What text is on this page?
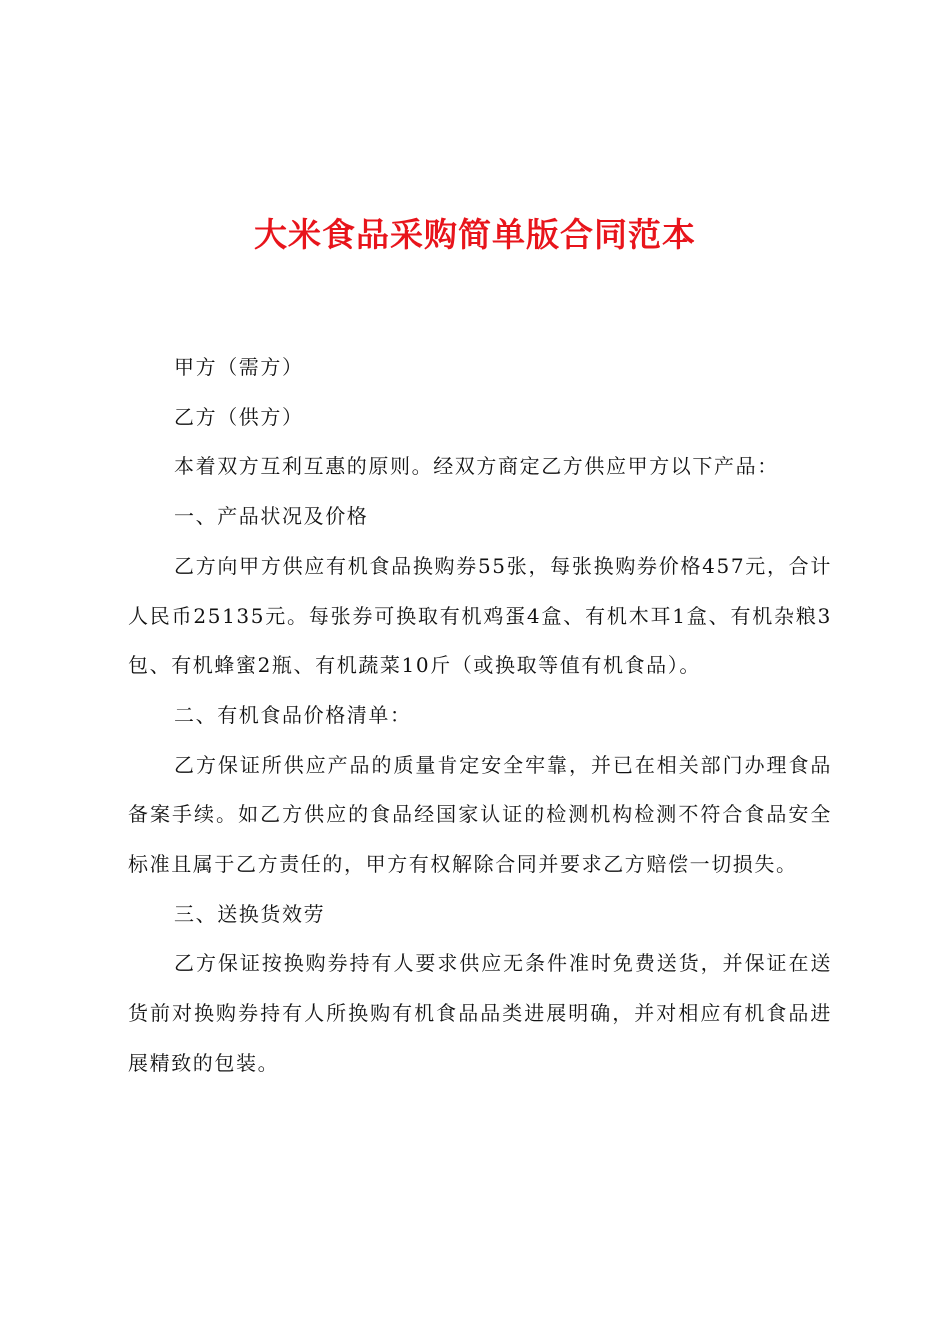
大米食品采购简单版合同范本

甲方（需方）

乙方（供方）

本着双方互利互惠的原则。经双方商定乙方供应甲方以下产品：

一、产品状况及价格

乙方向甲方供应有机食品换购券55张，每张换购券价格457元，合计人民币25135元。每张券可换取有机鸡蛋4盒、有机木耳1盒、有机杂粮3包、有机蜂蜜2瓶、有机蔬菜10斤（或换取等值有机食品）。

二、有机食品价格清单：

乙方保证所供应产品的质量肯定安全牢靠，并已在相关部门办理食品备案手续。如乙方供应的食品经国家认证的检测机构检测不符合食品安全标准且属于乙方责任的，甲方有权解除合同并要求乙方赔偿一切损失。

三、送换货效劳

乙方保证按换购券持有人要求供应无条件准时免费送货，并保证在送货前对换购券持有人所换购有机食品品类进展明确，并对相应有机食品进展精致的包装。
